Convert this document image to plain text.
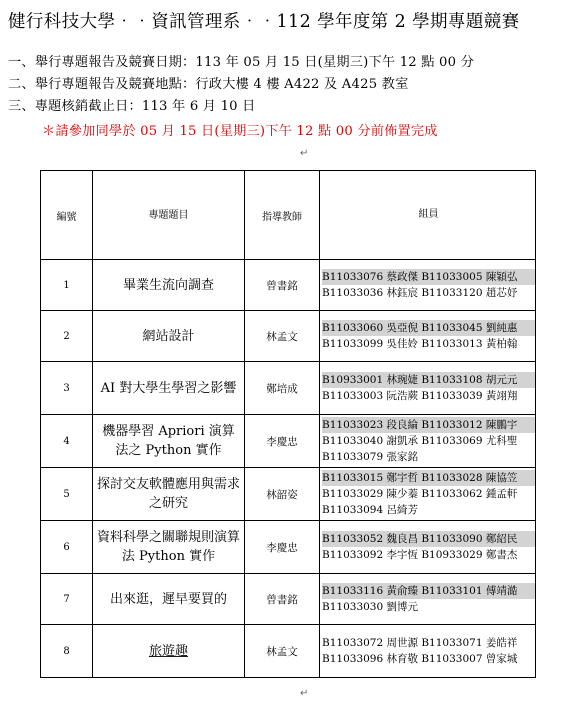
健行科技大學‧‧資訊管理系‧‧112 學年度第 2 學期專題競賽
一、舉行專題報告及競賽日期：113 年 05 月 15 日(星期三)下午 12 點 00 分
二、舉行專題報告及競賽地點：行政大樓 4 樓 A422 及 A425 教室
三、專題核銷截止日：113 年 6 月 10 日
＊請參加同學於 05 月 15 日(星期三)下午 12 點 00 分前佈置完成
↵
編號	專題題目	指導教師	組員
1	畢業生流向調查	曾書銘	B11033076 蔡政傑 B11033005 陳穎弘
B11033036 林鈺宸 B11033120 趙芯妤

2	網站設計	林孟文	B11033060 吳亞倪 B11033045 劉純惠
B11033099 吳佳姈 B11033013 黃柏翰

3	AI 對大學生學習之影響	鄭培成	B10933001 林琬婕 B11033108 胡元元
B11033003 阮浩蕨 B11033039 黃翊翔

4	機器學習 Apriori 演算法之 Python 實作	李慶忠	B11033023 段良綸 B11033012 陳鵬宇
B11033040 謝凱承 B11033069 尤科聖
B11033079 張家銘

5	探討交友軟體應用與需求之研究	林韶姿	B11033015 鄭宇哲 B11033028 陳協笠
B11033029 陳少蓁 B11033062 鍾孟軒
B11033094 呂綺芳

6	資料科學之關聯規則演算法 Python 實作	李慶忠	B11033052 魏良昌 B11033090 鄭紹民
B11033092 李宇恆 B10933029 鄭書杰

7	出來逛，遲早要買的	曾書銘	B11033116 黃俞臻 B11033101 傅靖澔
B11033030 劉博元

8	旅遊趣	林孟文	B11033072 周世源 B11033071 姜皓祥
B11033096 林育敬 B11033007 曾家城
↵
